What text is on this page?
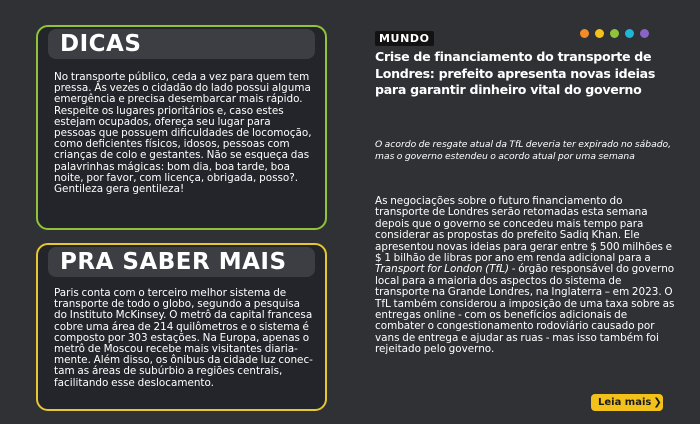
DICAS
No transporte público, ceda a vez para quem tem pressa. Às vezes o cidadão do lado possui alguma emergência e precisa desembarcar mais rápido. Respeite os lugares prioritários e, caso estes estejam ocupados, ofereça seu lugar para pessoas que possuem dificuldades de locomoção, como deficientes físicos, idosos, pessoas com crianças de colo e gestantes. Não se esqueça das palavrinhas mágicas: bom dia, boa tarde, boa noite, por favor, com licença, obrigada, posso?. Gentileza gera gentileza!
PRA SABER MAIS
Paris conta com o terceiro melhor sistema de transporte de todo o globo, segundo a pesquisa do Instituto McKinsey. O metrô da capital francesa cobre uma área de 214 quilômetros e o sistema é composto por 303 estações. Na Europa, apenas o metrô de Moscou recebe mais visitantes diaria-mente. Além disso, os ônibus da cidade luz conec-tam as áreas de subúrbio a regiões centrais, facilitando esse deslocamento.
MUNDO
Crise de financiamento do transporte de Londres: prefeito apresenta novas ideias para garantir dinheiro vital do governo
O acordo de resgate atual da TfL deveria ter expirado no sábado, mas o governo estendeu o acordo atual por uma semana
As negociações sobre o futuro financiamento do transporte de Londres serão retomadas esta semana depois que o governo se concedeu mais tempo para considerar as propostas do prefeito Sadiq Khan. Ele apresentou novas ideias para gerar entre $ 500 milhões e $ 1 bilhão de libras por ano em renda adicional para a Transport for London (TfL) - órgão responsável do governo local para a maioria dos aspectos do sistema de transporte na Grande Londres, na Inglaterra – em 2023. O TfL também considerou a imposição de uma taxa sobre as entregas online - com os benefícios adicionais de combater o congestionamento rodoviário causado por vans de entrega e ajudar as ruas - mas isso também foi rejeitado pelo governo.
Leia mais ❯
